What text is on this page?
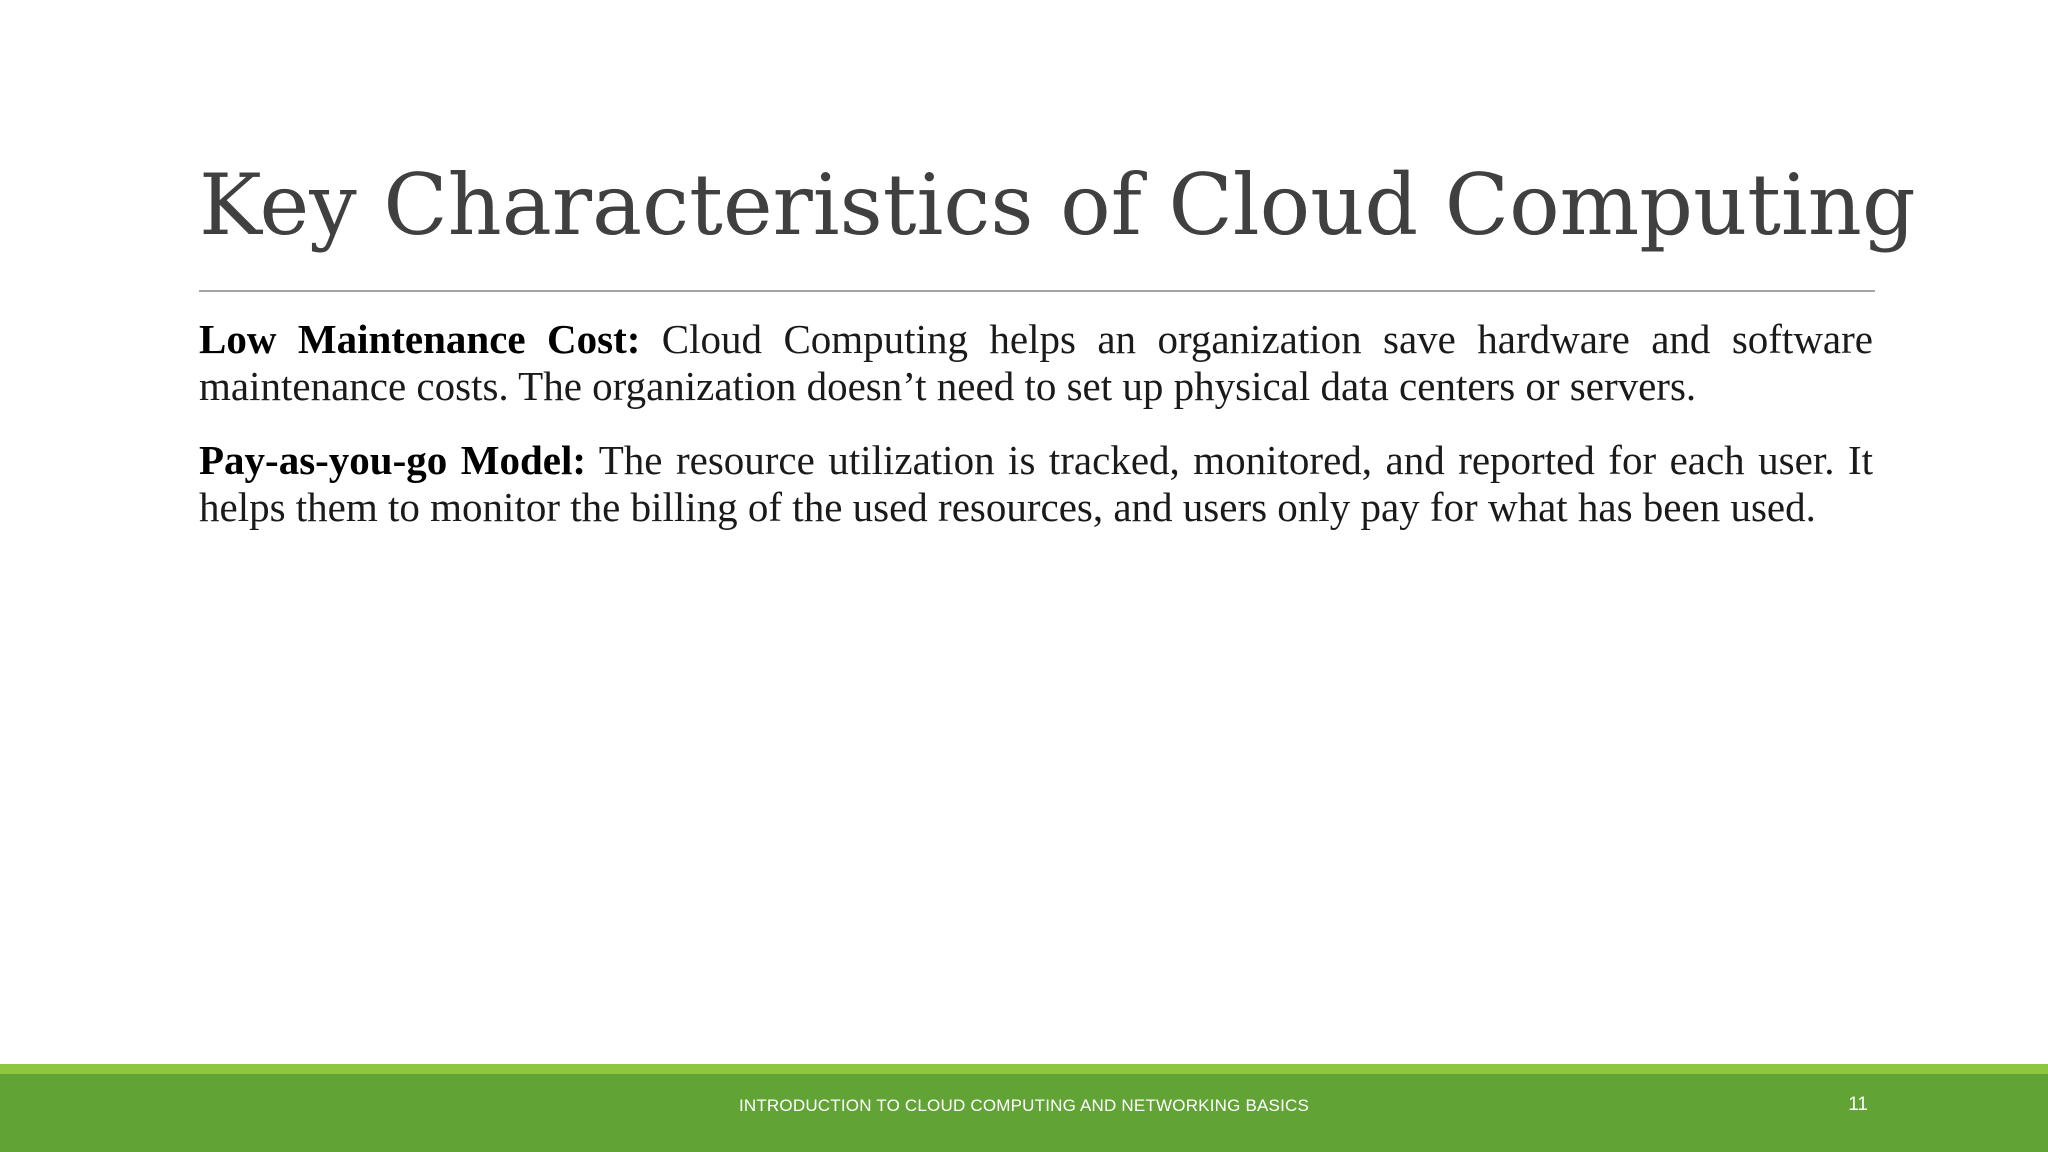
Key Characteristics of Cloud Computing

Low Maintenance Cost: Cloud Computing helps an organization save hardware and software maintenance costs. The organization doesn’t need to set up physical data centers or servers.

Pay-as-you-go Model: The resource utilization is tracked, monitored, and reported for each user. It helps them to monitor the billing of the used resources, and users only pay for what has been used.

INTRODUCTION TO CLOUD COMPUTING AND NETWORKING BASICS	11
